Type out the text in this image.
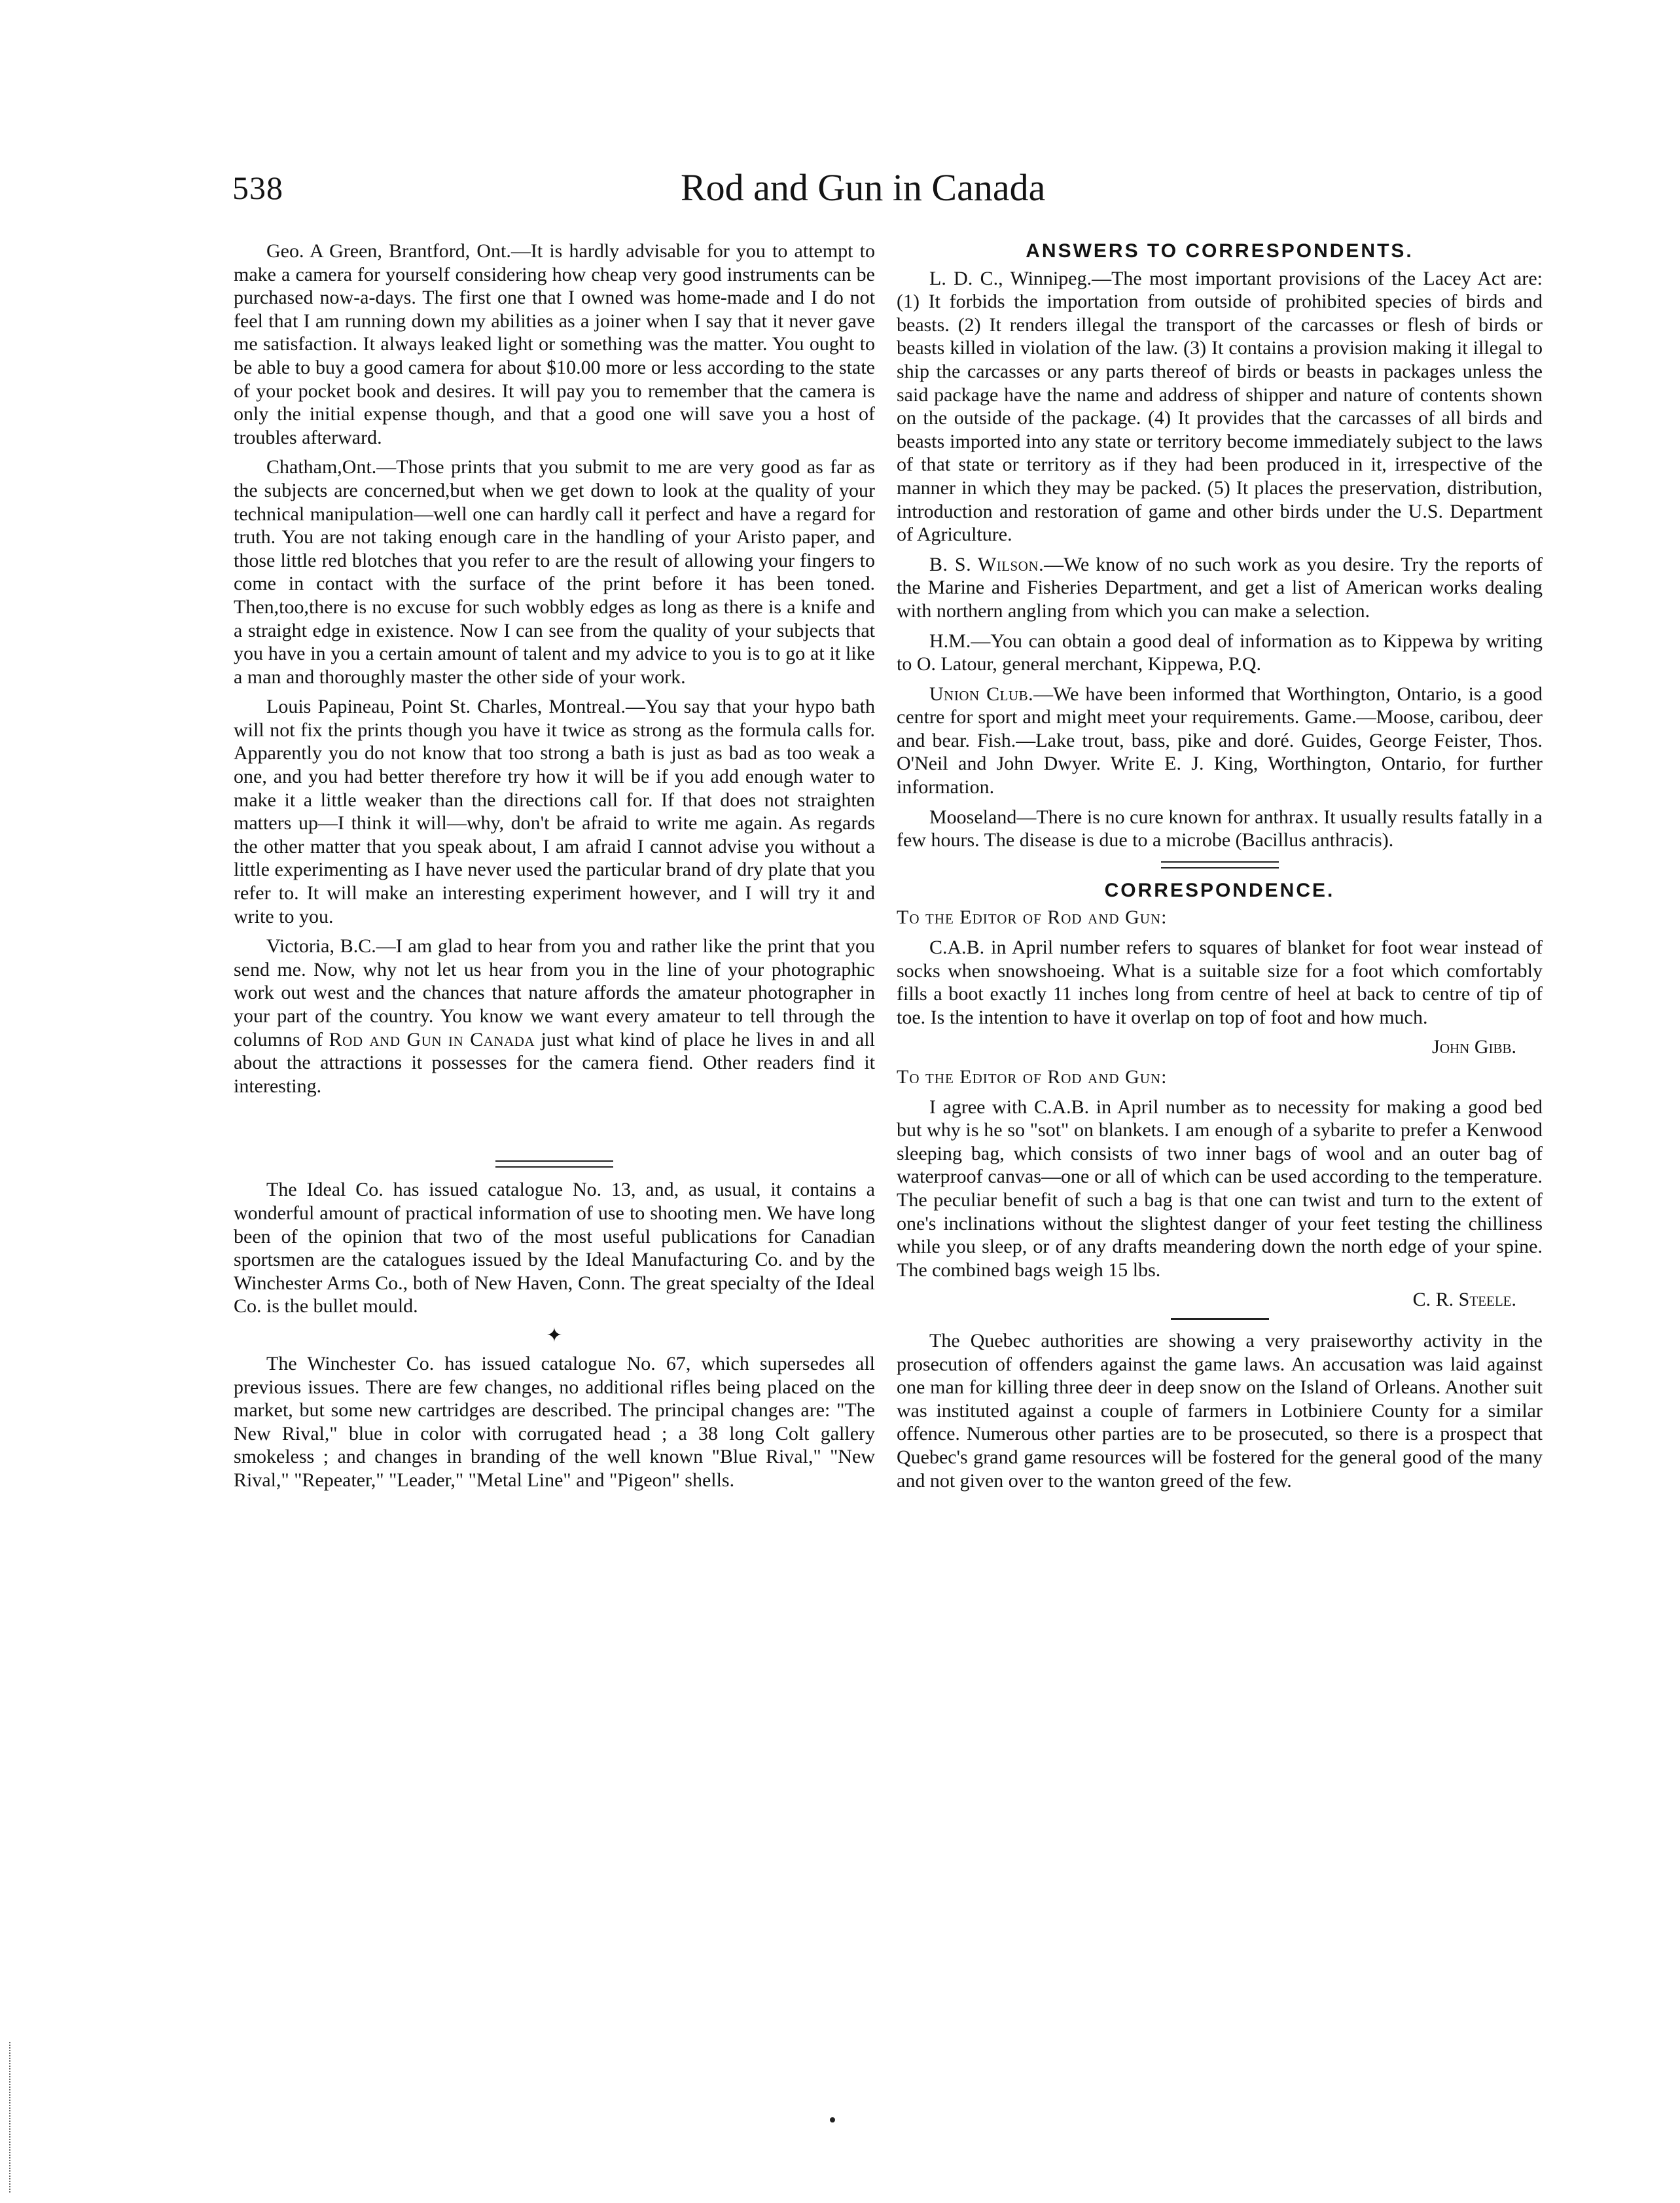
538	Rod and Gun in Canada

Geo. A Green, Brantford, Ont.—It is hardly advisable for you to attempt to make a camera for yourself considering how cheap very good instruments can be purchased now-a-days. The first one that I owned was home-made and I do not feel that I am running down my abilities as a joiner when I say that it never gave me satisfaction. It always leaked light or something was the matter. You ought to be able to buy a good camera for about $10.00 more or less according to the state of your pocket book and desires. It will pay you to remember that the camera is only the initial expense though, and that a good one will save you a host of troubles afterward.

Chatham,Ont.—Those prints that you submit to me are very good as far as the subjects are concerned,but when we get down to look at the quality of your technical manipulation—well one can hardly call it perfect and have a regard for truth. You are not taking enough care in the handling of your Aristo paper, and those little red blotches that you refer to are the result of allowing your fingers to come in contact with the surface of the print before it has been toned. Then,too,there is no excuse for such wobbly edges as long as there is a knife and a straight edge in existence. Now I can see from the quality of your subjects that you have in you a certain amount of talent and my advice to you is to go at it like a man and thoroughly master the other side of your work.

Louis Papineau, Point St. Charles, Montreal.—You say that your hypo bath will not fix the prints though you have it twice as strong as the formula calls for. Apparently you do not know that too strong a bath is just as bad as too weak a one, and you had better therefore try how it will be if you add enough water to make it a little weaker than the directions call for. If that does not straighten matters up—I think it will—why, don't be afraid to write me again. As regards the other matter that you speak about, I am afraid I cannot advise you without a little experimenting as I have never used the particular brand of dry plate that you refer to. It will make an interesting experiment however, and I will try it and write to you.

Victoria, B.C.—I am glad to hear from you and rather like the print that you send me. Now, why not let us hear from you in the line of your photographic work out west and the chances that nature affords the amateur photographer in your part of the country. You know we want every amateur to tell through the columns of Rod and Gun in Canada just what kind of place he lives in and all about the attractions it possesses for the camera fiend. Other readers find it interesting.

The Ideal Co. has issued catalogue No. 13, and, as usual, it contains a wonderful amount of practical information of use to shooting men. We have long been of the opinion that two of the most useful publications for Canadian sportsmen are the catalogues issued by the Ideal Manufacturing Co. and by the Winchester Arms Co., both of New Haven, Conn. The great specialty of the Ideal Co. is the bullet mould.

✦

The Winchester Co. has issued catalogue No. 67, which supersedes all previous issues. There are few changes, no additional rifles being placed on the market, but some new cartridges are described. The principal changes are: "The New Rival," blue in color with corrugated head ; a 38 long Colt gallery smokeless ; and changes in branding of the well known "Blue Rival," "New Rival," "Repeater," "Leader," "Metal Line" and "Pigeon" shells.

ANSWERS TO CORRESPONDENTS.

L. D. C., Winnipeg.—The most important provisions of the Lacey Act are: (1) It forbids the importation from outside of prohibited species of birds and beasts. (2) It renders illegal the transport of the carcasses or flesh of birds or beasts killed in violation of the law. (3) It contains a provision making it illegal to ship the carcasses or any parts thereof of birds or beasts in packages unless the said package have the name and address of shipper and nature of contents shown on the outside of the package. (4) It provides that the carcasses of all birds and beasts imported into any state or territory become immediately subject to the laws of that state or territory as if they had been produced in it, irrespective of the manner in which they may be packed. (5) It places the preservation, distribution, introduction and restoration of game and other birds under the U.S. Department of Agriculture.

B. S. Wilson.—We know of no such work as you desire. Try the reports of the Marine and Fisheries Department, and get a list of American works dealing with northern angling from which you can make a selection.

H.M.—You can obtain a good deal of information as to Kippewa by writing to O. Latour, general merchant, Kippewa, P.Q.

Union Club.—We have been informed that Worthington, Ontario, is a good centre for sport and might meet your requirements. Game.—Moose, caribou, deer and bear. Fish.—Lake trout, bass, pike and doré. Guides, George Feister, Thos. O'Neil and John Dwyer. Write E. J. King, Worthington, Ontario, for further information.

Mooseland—There is no cure known for anthrax. It usually results fatally in a few hours. The disease is due to a microbe (Bacillus anthracis).

CORRESPONDENCE.

To the Editor of Rod and Gun:

C.A.B. in April number refers to squares of blanket for foot wear instead of socks when snowshoeing. What is a suitable size for a foot which comfortably fills a boot exactly 11 inches long from centre of heel at back to centre of tip of toe. Is the intention to have it overlap on top of foot and how much.

John Gibb.

To the Editor of Rod and Gun:

I agree with C.A.B. in April number as to necessity for making a good bed but why is he so "sot" on blankets. I am enough of a sybarite to prefer a Kenwood sleeping bag, which consists of two inner bags of wool and an outer bag of waterproof canvas—one or all of which can be used according to the temperature. The peculiar benefit of such a bag is that one can twist and turn to the extent of one's inclinations without the slightest danger of your feet testing the chilliness while you sleep, or of any drafts meandering down the north edge of your spine. The combined bags weigh 15 lbs.

C. R. Steele.

The Quebec authorities are showing a very praiseworthy activity in the prosecution of offenders against the game laws. An accusation was laid against one man for killing three deer in deep snow on the Island of Orleans. Another suit was instituted against a couple of farmers in Lotbiniere County for a similar offence. Numerous other parties are to be prosecuted, so there is a prospect that Quebec's grand game resources will be fostered for the general good of the many and not given over to the wanton greed of the few.
